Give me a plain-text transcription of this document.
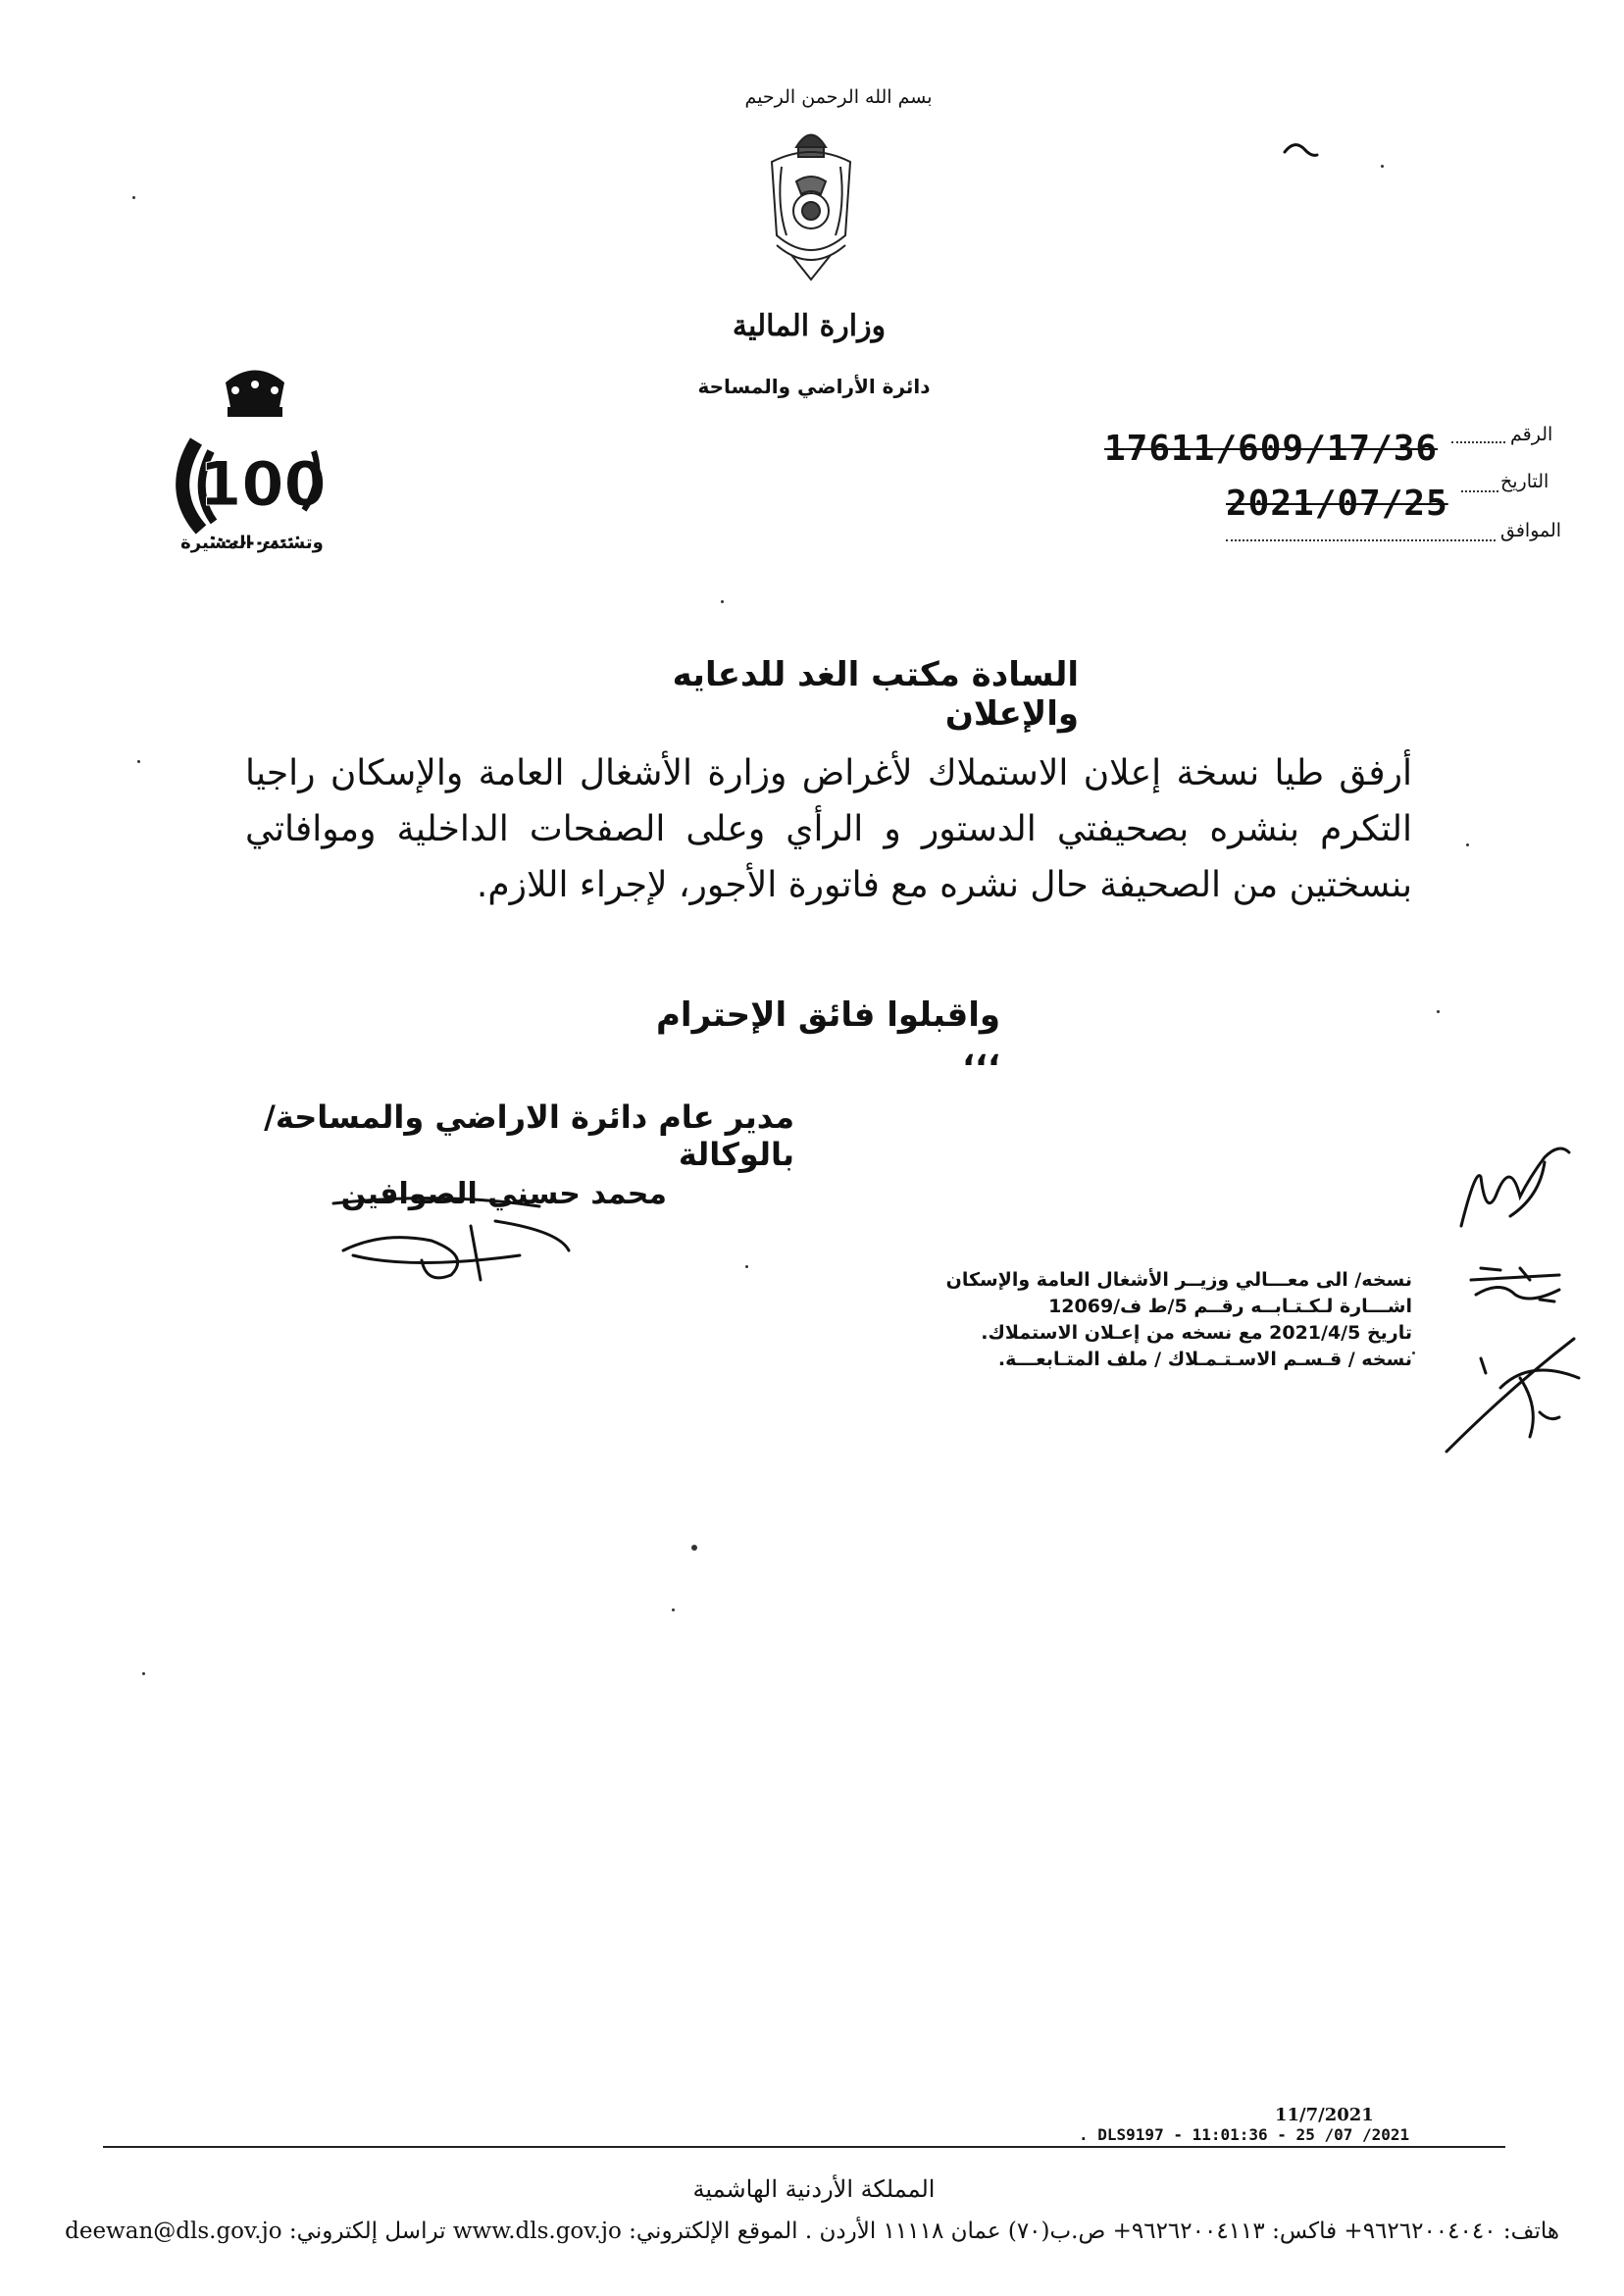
بسم الله الرحمن الرحيم
وزارة المالية
دائرة الأراضي والمساحة
100
وتستمر المسيرة
الرقم
التاريخ
الموافق
17611/609/17/36
2021/07/25
السادة مكتب الغد للدعايه والإعلان
أرفق طيا نسخة إعلان الاستملاك لأغراض وزارة الأشغال العامة والإسكان راجيا التكرم بنشره بصحيفتي الدستور و الرأي وعلى الصفحات الداخلية وموافاتي بنسختين من الصحيفة حال نشره مع فاتورة الأجور، لإجراء اللازم.
واقبلوا فائق الإحترام ،،،
مدير عام دائرة الاراضي والمساحة/بالوكالة
محمد حسني الصوافين
نسخه/ الى معـــالي وزيــر الأشغال العامة والإسكان
اشـــارة لـكـتـابــه رقــم 5/ط ف/12069
تاريخ 2021/4/5 مع نسخه من إعـلان الاستملاك.
نسخه / قـسـم الاسـتـمـلاك / ملف المتـابعـــة.
11/7/2021
. DLS9197 - 11:01:36 - 25 /07 /2021
المملكة الأردنية الهاشمية
هاتف: ٩٦٢٦٢٠٠٤٠٤٠+ فاكس: ٩٦٢٦٢٠٠٤١١٣+ ص.ب(٧٠) عمان ١١١١٨ الأردن . الموقع الإلكتروني: www.dls.gov.jo تراسل إلكتروني: deewan@dls.gov.jo
